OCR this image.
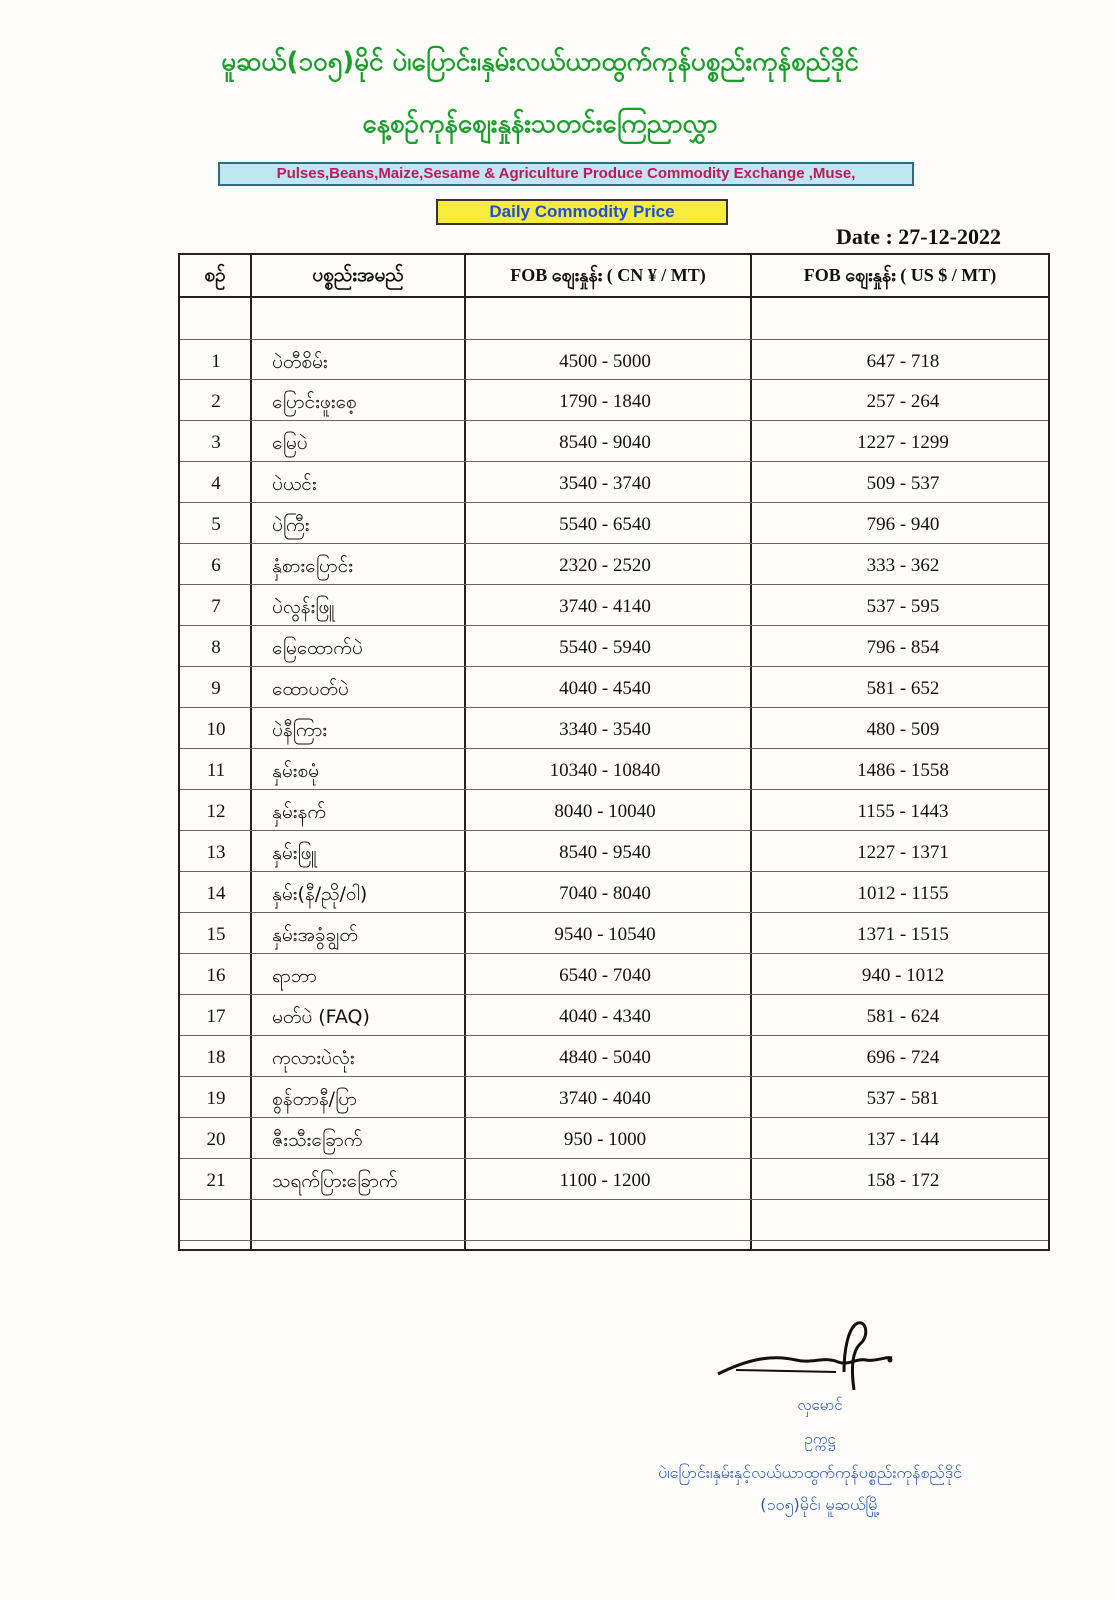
မူဆယ်(၁၀၅)မိုင် ပဲ၊ပြောင်း၊နှမ်းလယ်ယာထွက်ကုန်ပစ္စည်းကုန်စည်ဒိုင်
နေ့စဉ်ကုန်စျေးနှုန်းသတင်းကြေညာလွှာ
Pulses,Beans,Maize,Sesame & Agriculture Produce Commodity Exchange ,Muse,
Daily Commodity Price
Date : 27-12-2022
စဉ်	ပစ္စည်းအမည်	FOB စျေးနှုန်း ( CN ¥ / MT)	FOB စျေးနှုန်း ( US $ / MT)
1	ပဲတီစိမ်း	4500 - 5000	647 - 718
2	ပြောင်းဖူးစေ့	1790 - 1840	257 - 264
3	မြေပဲ	8540 - 9040	1227 - 1299
4	ပဲယင်း	3540 - 3740	509 - 537
5	ပဲကြီး	5540 - 6540	796 - 940
6	နှံစားပြောင်း	2320 - 2520	333 - 362
7	ပဲလွန်းဖြူ	3740 - 4140	537 - 595
8	မြေထောက်ပဲ	5540 - 5940	796 - 854
9	ထောပတ်ပဲ	4040 - 4540	581 - 652
10	ပဲနီကြား	3340 - 3540	480 - 509
11	နှမ်းစမုံ	10340 - 10840	1486 - 1558
12	နှမ်းနက်	8040 - 10040	1155 - 1443
13	နှမ်းဖြူ	8540 - 9540	1227 - 1371
14	နှမ်း(နီ/ညို/ဝါ)	7040 - 8040	1012 - 1155
15	နှမ်းအခွံချွတ်	9540 - 10540	1371 - 1515
16	ရာဘာ	6540 - 7040	940 - 1012
17	မတ်ပဲ (FAQ)	4040 - 4340	581 - 624
18	ကုလားပဲလုံး	4840 - 5040	696 - 724
19	စွန်တာနီ/ပြာ	3740 - 4040	537 - 581
20	ဇီးသီးခြောက်	950 - 1000	137 - 144
21	သရက်ပြားခြောက်	1100 - 1200	158 - 172
လှမောင်
ဥက္ကဋ္ဌ
ပဲ၊ပြောင်း၊နှမ်းနှင့်လယ်ယာထွက်ကုန်ပစ္စည်းကုန်စည်ဒိုင်
(၁၀၅)မိုင်၊ မူဆယ်မြို့
